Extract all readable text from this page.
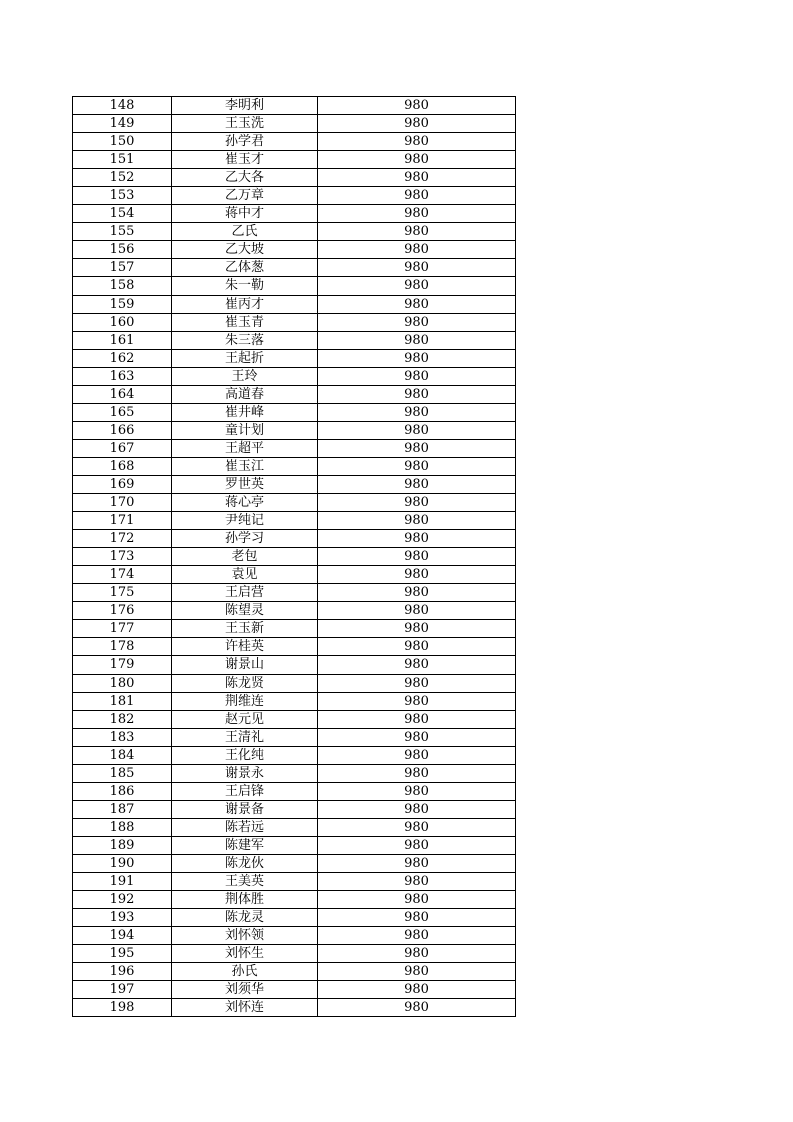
148	李明利	980
149	王玉洗	980
150	孙学君	980
151	崔玉才	980
152	乙大各	980
153	乙万章	980
154	蒋中才	980
155	乙氏	980
156	乙大坡	980
157	乙体葱	980
158	朱一勒	980
159	崔丙才	980
160	崔玉青	980
161	朱三落	980
162	王起折	980
163	王玲	980
164	高道春	980
165	崔井峰	980
166	童计划	980
167	王超平	980
168	崔玉江	980
169	罗世英	980
170	蒋心亭	980
171	尹纯记	980
172	孙学习	980
173	老包	980
174	袁见	980
175	王启营	980
176	陈望灵	980
177	王玉新	980
178	许桂英	980
179	谢景山	980
180	陈龙贤	980
181	荆维连	980
182	赵元见	980
183	王清礼	980
184	王化纯	980
185	谢景永	980
186	王启锋	980
187	谢景备	980
188	陈若远	980
189	陈建军	980
190	陈龙伙	980
191	王美英	980
192	荆体胜	980
193	陈龙灵	980
194	刘怀领	980
195	刘怀生	980
196	孙氏	980
197	刘须华	980
198	刘怀连	980
